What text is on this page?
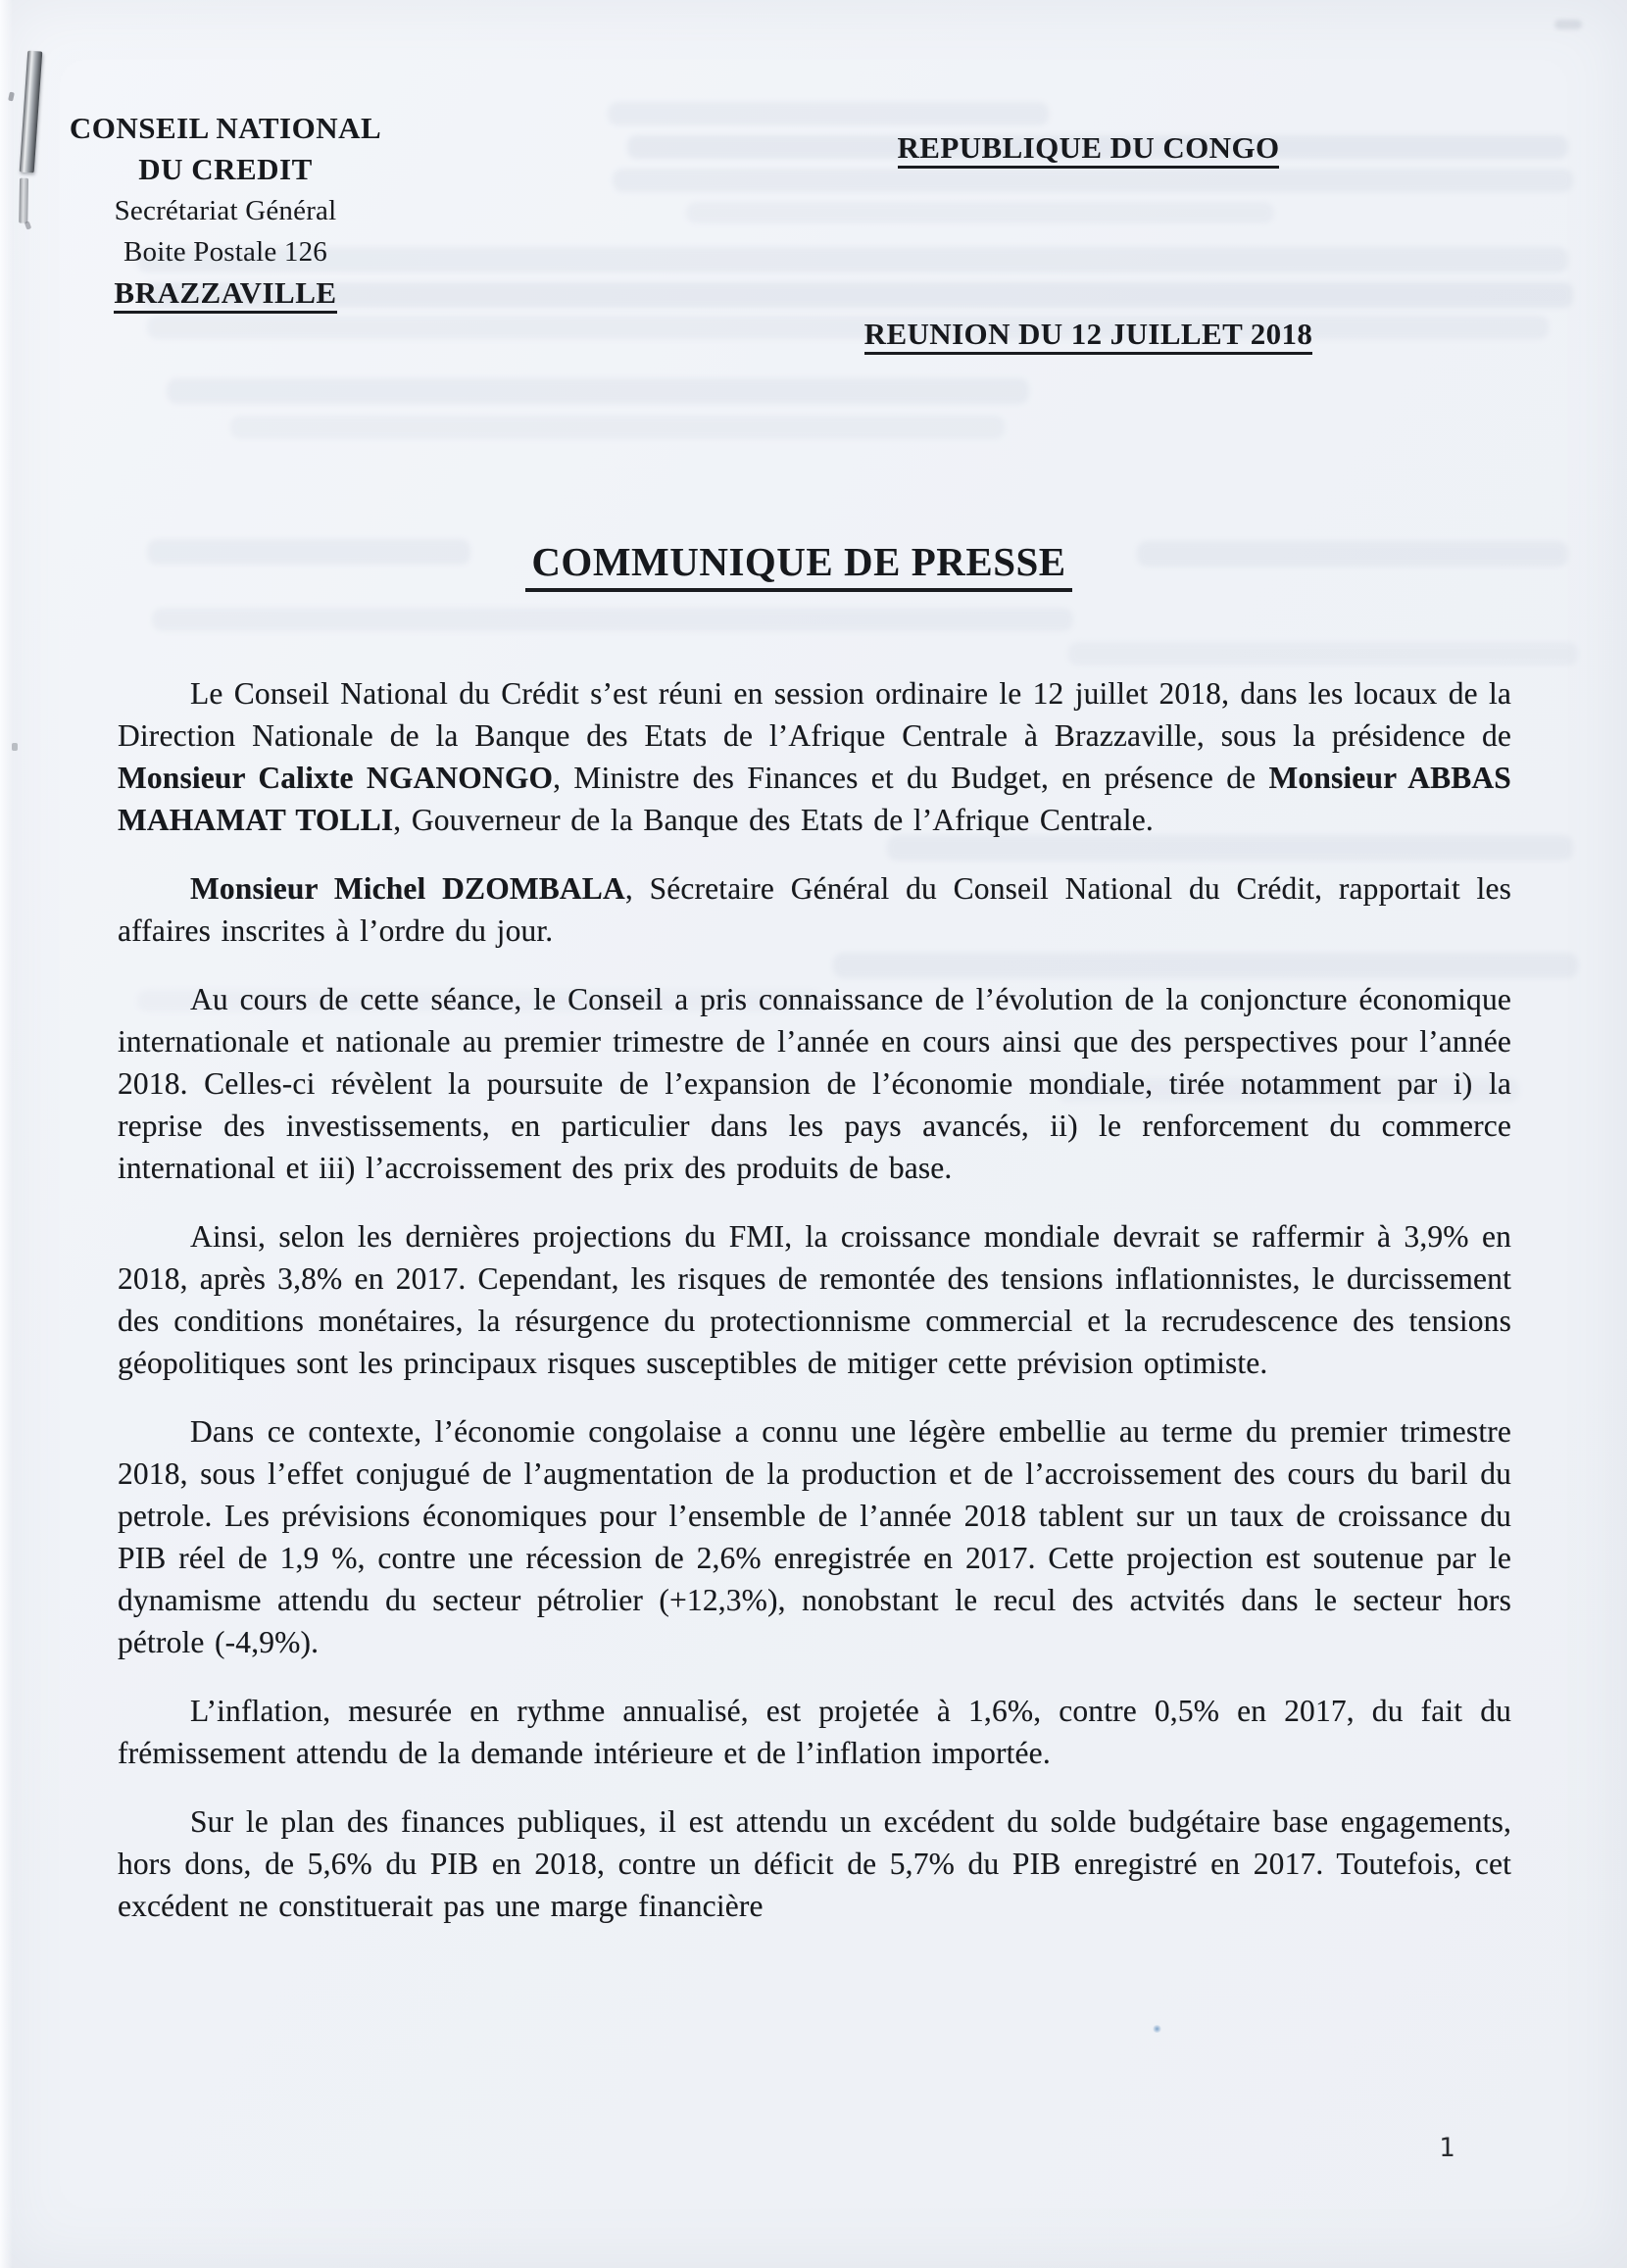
CONSEIL NATIONAL
DU CREDIT
Secrétariat Général
Boite Postale 126
BRAZZAVILLE
REPUBLIQUE DU CONGO
REUNION DU 12 JUILLET 2018
COMMUNIQUE DE PRESSE

Le Conseil National du Crédit s’est réuni en session ordinaire le 12 juillet 2018, dans les locaux de la Direction Nationale de la Banque des Etats de l’Afrique Centrale à Brazzaville, sous la présidence de Monsieur Calixte NGANONGO, Ministre des Finances et du Budget, en présence de Monsieur ABBAS MAHAMAT TOLLI, Gouverneur de la Banque des Etats de l’Afrique Centrale.

Monsieur Michel DZOMBALA, Sécretaire Général du Conseil National du Crédit, rapportait les affaires inscrites à l’ordre du jour.

Au cours de cette séance, le Conseil a pris connaissance de l’évolution de la conjoncture économique internationale et nationale au premier trimestre de l’année en cours ainsi que des perspectives pour l’année 2018. Celles-ci révèlent la poursuite de l’expansion de l’économie mondiale, tirée notamment par i) la reprise des investissements, en particulier dans les pays avancés, ii) le renforcement du commerce international et iii) l’accroissement des prix des produits de base.

Ainsi, selon les dernières projections du FMI, la croissance mondiale devrait se raffermir à 3,9% en 2018, après 3,8% en 2017. Cependant, les risques de remontée des tensions inflationnistes, le durcissement des conditions monétaires, la résurgence du protectionnisme commercial et la recrudescence des tensions géopolitiques sont les principaux risques susceptibles de mitiger cette prévision optimiste.

Dans ce contexte, l’économie congolaise a connu une légère embellie au terme du premier trimestre 2018, sous l’effet conjugué de l’augmentation de la production et de l’accroissement des cours du baril du petrole. Les prévisions économiques pour l’ensemble de l’année 2018 tablent sur un taux de croissance du PIB réel de 1,9 %, contre une récession de 2,6% enregistrée en 2017. Cette projection est soutenue par le dynamisme attendu du secteur pétrolier (+12,3%), nonobstant le recul des actvités dans le secteur hors pétrole (-4,9%).

L’inflation, mesurée en rythme annualisé, est projetée à 1,6%, contre 0,5% en 2017, du fait du frémissement attendu de la demande intérieure et de l’inflation importée.

Sur le plan des finances publiques, il est attendu un excédent du solde budgétaire base engagements, hors dons, de 5,6% du PIB en 2018, contre un déficit de 5,7% du PIB enregistré en 2017. Toutefois, cet excédent ne constituerait pas une marge financière

1
